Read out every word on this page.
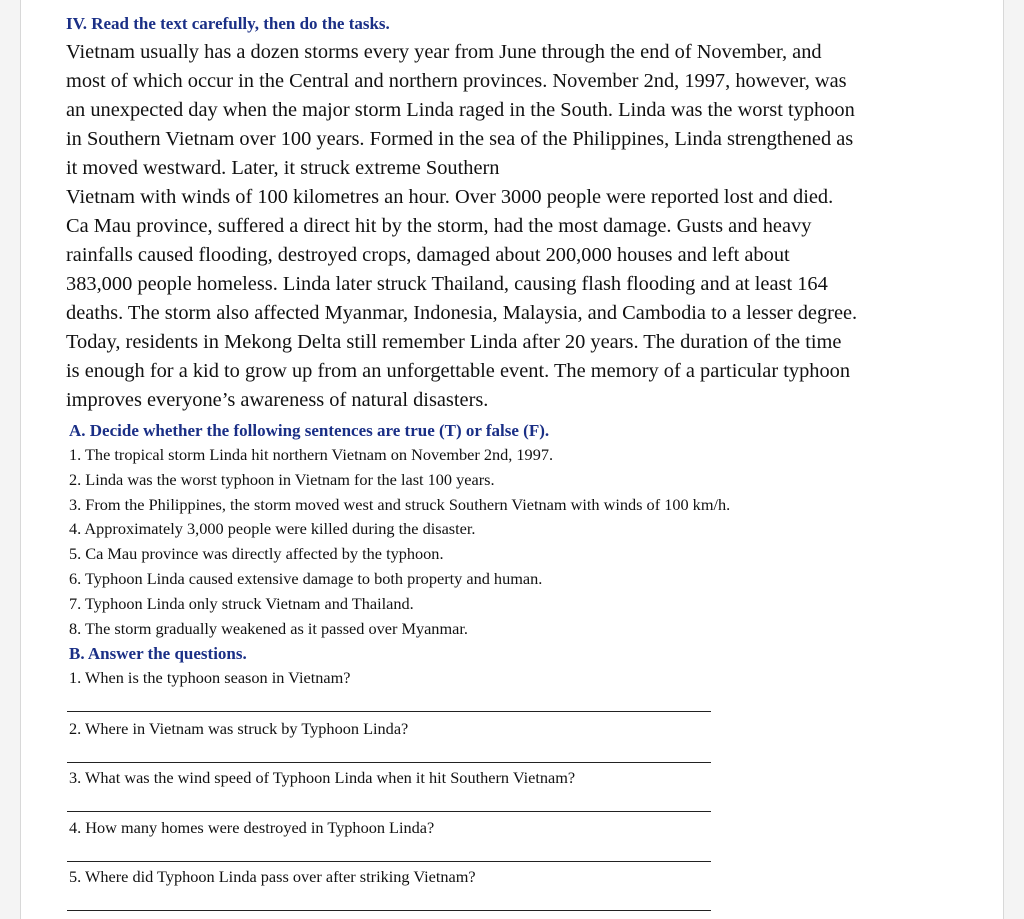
IV. Read the text carefully, then do the tasks.
Vietnam usually has a dozen storms every year from June through the end of November, and
most of which occur in the Central and northern provinces. November 2nd, 1997, however, was
an unexpected day when the major storm Linda raged in the South. Linda was the worst typhoon
in Southern Vietnam over 100 years. Formed in the sea of the Philippines, Linda strengthened as
it moved westward. Later, it struck extreme Southern
Vietnam with winds of 100 kilometres an hour. Over 3000 people were reported lost and died.
Ca Mau province, suffered a direct hit by the storm, had the most damage. Gusts and heavy
rainfalls caused flooding, destroyed crops, damaged about 200,000 houses and left about
383,000 people homeless. Linda later struck Thailand, causing flash flooding and at least 164
deaths. The storm also affected Myanmar, Indonesia, Malaysia, and Cambodia to a lesser degree.
Today, residents in Mekong Delta still remember Linda after 20 years. The duration of the time
is enough for a kid to grow up from an unforgettable event. The memory of a particular typhoon
improves everyone’s awareness of natural disasters.
A. Decide whether the following sentences are true (T) or false (F).
1. The tropical storm Linda hit northern Vietnam on November 2nd, 1997.
2. Linda was the worst typhoon in Vietnam for the last 100 years.
3. From the Philippines, the storm moved west and struck Southern Vietnam with winds of 100 km/h.
4. Approximately 3,000 people were killed during the disaster.
5. Ca Mau province was directly affected by the typhoon.
6. Typhoon Linda caused extensive damage to both property and human.
7. Typhoon Linda only struck Vietnam and Thailand.
8. The storm gradually weakened as it passed over Myanmar.
B. Answer the questions.
1. When is the typhoon season in Vietnam?
2. Where in Vietnam was struck by Typhoon Linda?
3. What was the wind speed of Typhoon Linda when it hit Southern Vietnam?
4. How many homes were destroyed in Typhoon Linda?
5. Where did Typhoon Linda pass over after striking Vietnam?
